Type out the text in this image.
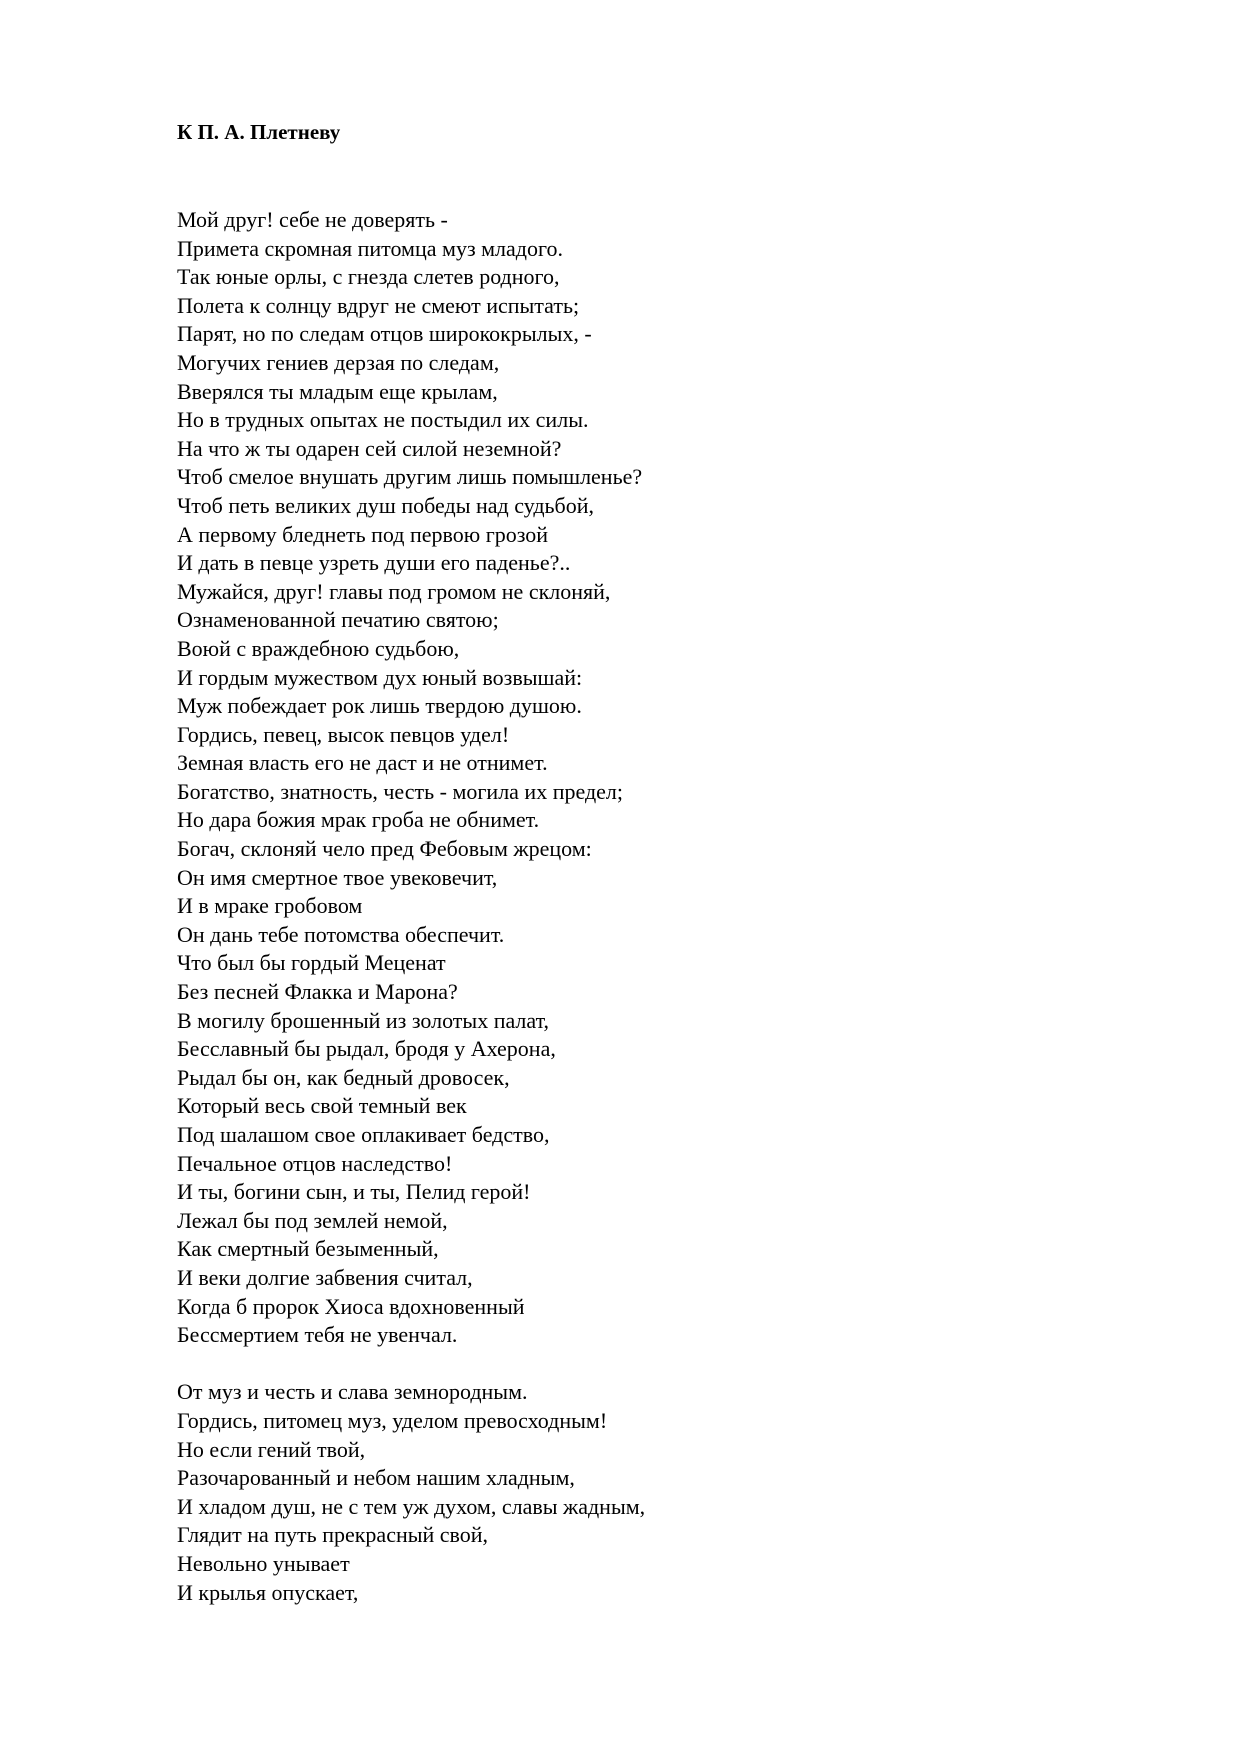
К П. А. Плетневу
Мой друг! себе не доверять -
Примета скромная питомца муз младого.
Так юные орлы, с гнезда слетев родного,
Полета к солнцу вдруг не смеют испытать;
Парят, но по следам отцов ширококрылых, -
Могучих гениев дерзая по следам,
Вверялся ты младым еще крылам,
Но в трудных опытах не постыдил их силы.
На что ж ты одарен сей силой неземной?
Чтоб смелое внушать другим лишь помышленье?
Чтоб петь великих душ победы над судьбой,
А первому бледнеть под первою грозой
И дать в певце узреть души его паденье?..
Мужайся, друг! главы под громом не склоняй,
Ознаменованной печатию святою;
Воюй с враждебною судьбою,
И гордым мужеством дух юный возвышай:
Муж побеждает рок лишь твердою душою.
Гордись, певец, высок певцов удел!
Земная власть его не даст и не отнимет.
Богатство, знатность, честь - могила их предел;
Но дара божия мрак гроба не обнимет.
Богач, склоняй чело пред Фебовым жрецом:
Он имя смертное твое увековечит,
И в мраке гробовом
Он дань тебе потомства обеспечит.
Что был бы гордый Меценат
Без песней Флакка и Марона?
В могилу брошенный из золотых палат,
Бесславный бы рыдал, бродя у Ахерона,
Рыдал бы он, как бедный дровосек,
Который весь свой темный век
Под шалашом свое оплакивает бедство,
Печальное отцов наследство!
И ты, богини сын, и ты, Пелид герой!
Лежал бы под землей немой,
Как смертный безыменный,
И веки долгие забвения считал,
Когда б пророк Хиоса вдохновенный
Бессмертием тебя не увенчал.
От муз и честь и слава земнородным.
Гордись, питомец муз, уделом превосходным!
Но если гений твой,
Разочарованный и небом нашим хладным,
И хладом душ, не с тем уж духом, славы жадным,
Глядит на путь прекрасный свой,
Невольно унывает
И крылья опускает,
